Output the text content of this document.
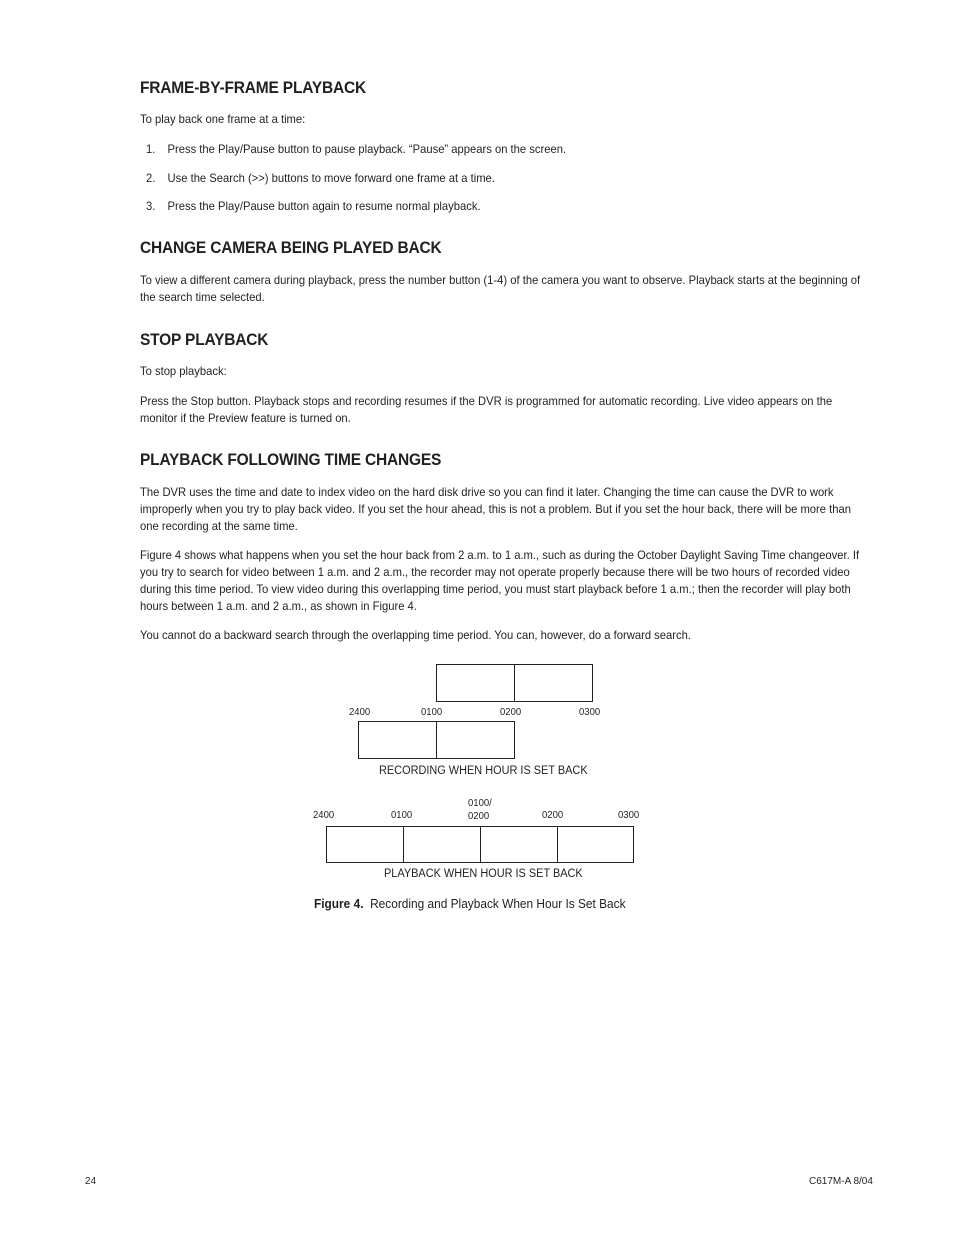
FRAME-BY-FRAME PLAYBACK

To play back one frame at a time:

1. Press the Play/Pause button to pause playback. “Pause” appears on the screen.
2. Use the Search (>>) buttons to move forward one frame at a time.
3. Press the Play/Pause button again to resume normal playback.
CHANGE CAMERA BEING PLAYED BACK

To view a different camera during playback, press the number button (1-4) of the camera you want to observe. Playback starts at the beginning of the search time selected.

STOP PLAYBACK

To stop playback:

Press the Stop button. Playback stops and recording resumes if the DVR is programmed for automatic recording. Live video appears on the monitor if the Preview feature is turned on.

PLAYBACK FOLLOWING TIME CHANGES

The DVR uses the time and date to index video on the hard disk drive so you can find it later. Changing the time can cause the DVR to work improperly when you try to play back video. If you set the hour ahead, this is not a problem. But if you set the hour back, there will be more than one recording at the same time.

Figure 4 shows what happens when you set the hour back from 2 a.m. to 1 a.m., such as during the October Daylight Saving Time changeover. If you try to search for video between 1 a.m. and 2 a.m., the recorder may not operate properly because there will be two hours of recorded video during this time period. To view video during this overlapping time period, you must start playback before 1 a.m.; then the recorder will play both hours between 1 a.m. and 2 a.m., as shown in Figure 4.

You cannot do a backward search through the overlapping time period. You can, however, do a forward search.

2400	0100	0200	0300
RECORDING WHEN HOUR IS SET BACK
2400	0100
0100/
0200	0200	0300
PLAYBACK WHEN HOUR IS SET BACK
Figure 4. Recording and Playback When Hour Is Set Back
24	C617M-A 8/04
